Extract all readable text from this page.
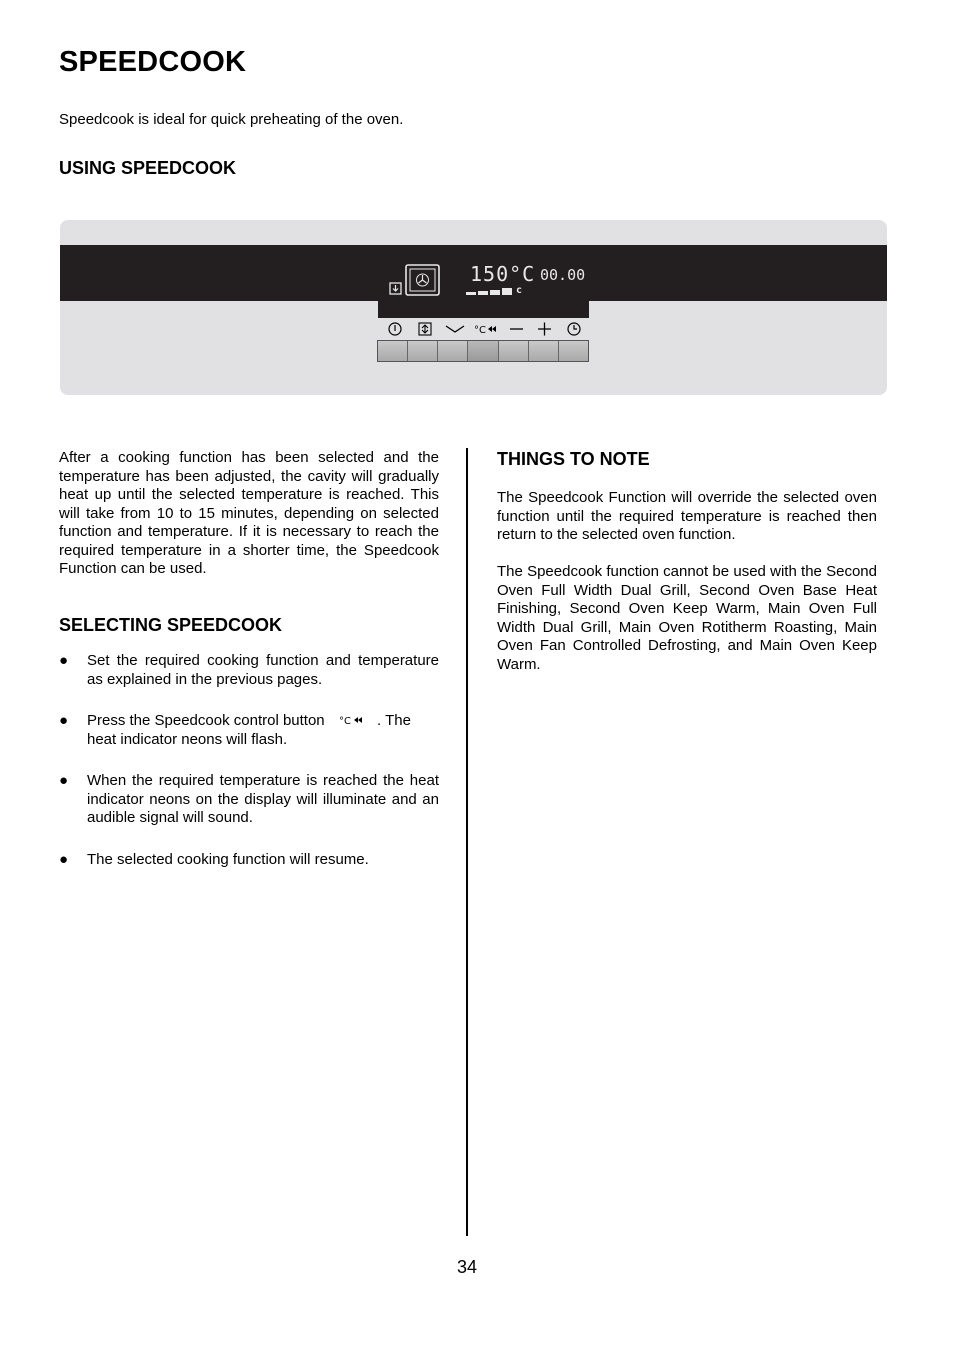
SPEEDCOOK
Speedcook is ideal for quick preheating of the oven.
USING SPEEDCOOK
150°C 00.00
c
°C

After a cooking function has been selected and the temperature has been adjusted, the cavity will gradually heat up until the selected temperature is reached. This will take from 10 to 15 minutes, depending on selected function and temperature. If it is necessary to reach the required temperature in a shorter time, the Speedcook Function can be used.

SELECTING SPEEDCOOK
● Set the required cooking function and temperature as explained in the previous pages.

● Press the Speedcook control button °C . The heat indicator neons will flash.

● When the required temperature is reached the heat indicator neons on the display will illuminate and an audible signal will sound.

● The selected cooking function will resume.

THINGS TO NOTE

The Speedcook Function will override the selected oven function until the required temperature is reached then return to the selected oven function.

The Speedcook function cannot be used with the Second Oven Full Width Dual Grill, Second Oven Base Heat Finishing, Second Oven Keep Warm, Main Oven Full Width Dual Grill, Main Oven Rotitherm Roasting, Main Oven Fan Controlled Defrosting, and Main Oven Keep Warm.

34
